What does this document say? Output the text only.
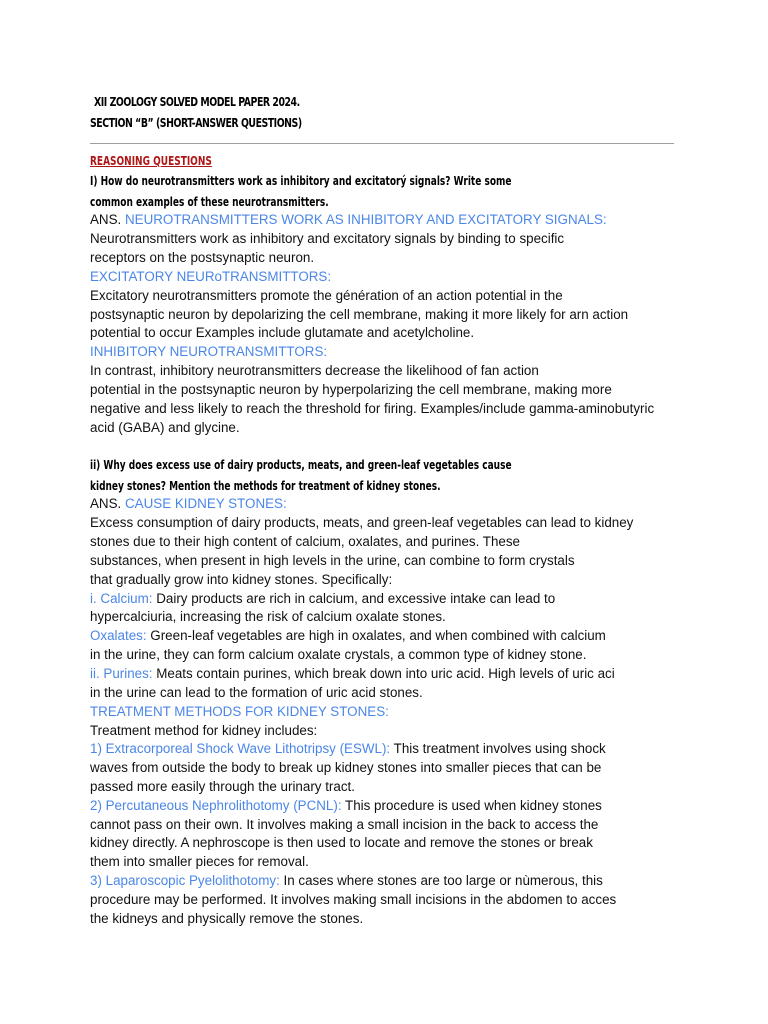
XII ZOOLOGY SOLVED MODEL PAPER 2024.
SECTION “B” (SHORT-ANSWER QUESTIONS)
REASONING QUESTIONS
I) How do neurotransmitters work as inhibitory and excitatorý signals? Write some
common examples of these neurotransmitters.
ANS. NEUROTRANSMITTERS WORK AS INHIBITORY AND EXCITATORY SIGNALS:
Neurotransmitters work as inhibitory and excitatory signals by binding to specific
receptors on the postsynaptic neuron.
EXCITATORY NEURoTRANSMITTORS:
Excitatory neurotransmitters promote the génération of an action potential in the
postsynaptic neuron by depolarizing the cell membrane, making it more likely for arn action
potential to occur Examples include glutamate and acetylcholine.
INHIBITORY NEUROTRANSMITTORS:
In contrast, inhibitory neurotransmitters decrease the likelihood of fan action
potential in the postsynaptic neuron by hyperpolarizing the cell membrane, making more
negative and less likely to reach the threshold for firing. Examples/include gamma-aminobutyric
acid (GABA) and glycine.
ii) Why does excess use of dairy products, meats, and green-leaf vegetables cause
kidney stones? Mention the methods for treatment of kidney stones.
ANS. CAUSE KIDNEY STONES:
Excess consumption of dairy products, meats, and green-leaf vegetables can lead to kidney
stones due to their high content of calcium, oxalates, and purines. These
substances, when present in high levels in the urine, can combine to form crystals
that gradually grow into kidney stones. Specifically:
i. Calcium: Dairy products are rich in calcium, and excessive intake can lead to
hypercalciuria, increasing the risk of calcium oxalate stones.
Oxalates: Green-leaf vegetables are high in oxalates, and when combined with calcium
in the urine, they can form calcium oxalate crystals, a common type of kidney stone.
ii. Purines: Meats contain purines, which break down into uric acid. High levels of uric aci
in the urine can lead to the formation of uric acid stones.
TREATMENT METHODS FOR KIDNEY STONES:
Treatment method for kidney includes:
1) Extracorporeal Shock Wave Lithotripsy (ESWL): This treatment involves using shock
waves from outside the body to break up kidney stones into smaller pieces that can be
passed more easily through the urinary tract.
2) Percutaneous Nephrolithotomy (PCNL): This procedure is used when kidney stones
cannot pass on their own. It involves making a small incision in the back to access the
kidney directly. A nephroscope is then used to locate and remove the stones or break
them into smaller pieces for removal.
3) Laparoscopic Pyelolithotomy: In cases where stones are too large or nùmerous, this
procedure may be performed. It involves making small incisions in the abdomen to acces
the kidneys and physically remove the stones.
